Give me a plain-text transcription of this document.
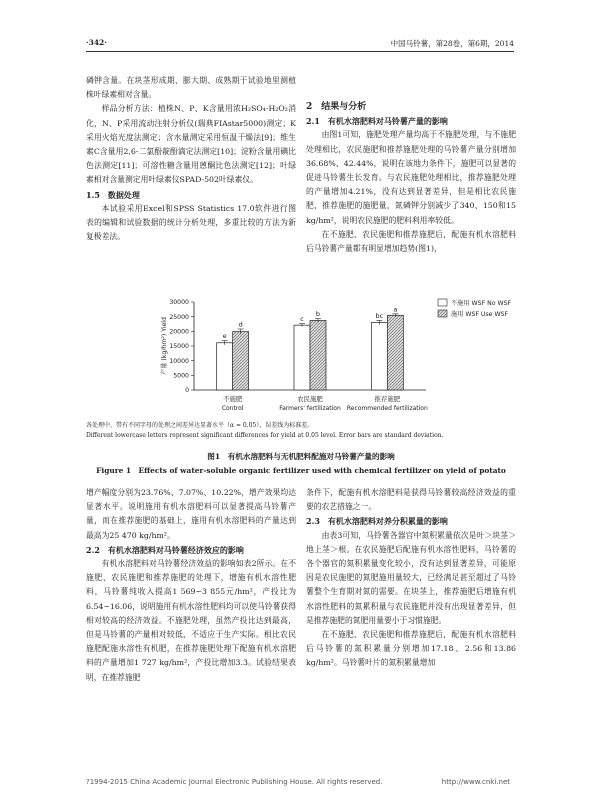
·342·	中国马铃薯，第28卷，第6期，2014

磷钾含量。在块茎形成期、膨大期、成熟期于试验地里测植株叶绿素相对含量。

样品分析方法：植株N、P、K含量用浓H₂SO₄-H₂O₂消化，N、P采用流动注射分析仪(瑞典FIAstar5000)测定；K采用火焰光度法测定；含水量测定采用恒温干燥法[9]；维生素C含量用2,6-二氯酚靛酚滴定法测定[10]；淀粉含量用碘比色法测定[11]；可溶性糖含量用蒽酮比色法测定[12]；叶绿素相对含量测定用叶绿素仪SPAD-502叶绿素仪。

1.5　数据处理

本试验采用Excel和SPSS Statistics 17.0软件进行图表的编辑和试验数据的统计分析处理，多重比较的方法为新复极差法。

2　结果与分析

2.1　有机水溶肥料对马铃薯产量的影响

由图1可知，施肥处理产量均高于不施肥处理，与不施肥处理相比，农民施肥和推荐施肥处理的马铃薯产量分别增加36.68%、42.44%，说明在该地力条件下，施肥可以显著的促进马铃薯生长发育。与农民施肥处理相比，推荐施肥处理的产量增加4.21%，没有达到显著差异，但是相比农民施肥，推荐施肥的施肥量，氮磷钾分别减少了340、150和15 kg/hm²，说明农民施肥的肥料利用率较低。

在不施肥、农民施肥和推荐施肥后，配施有机水溶肥料后马铃薯产量都有明显增加趋势(图1)，

0
5000
10000
15000
20000
25000
30000
产量 (kg/hm²) Yield	e
d
不施肥
Control
c
b
农民施肥
Farmers' fertilization
bc
a
推荐施肥
Recommended fertilization
不施用 WSF No WSF
施用 WSF Use WSF
各处理中，带有不同字母的处理之间差异达显著水平（α = 0.05），误差线为标准差。
Different lowercase letters represent significant differences for yield at 0.05 level. Error bars are standard deviation.
图1　有机水溶肥料与无机肥料配施对马铃薯产量的影响
Figure 1　Effects of water-soluble organic fertilizer used with chemical fertilizer on yield of potato

增产幅度分别为23.76%、7.07%、10.22%，增产效果均达显著水平。说明施用有机水溶肥料可以显著提高马铃薯产量，而在推荐施肥的基础上，施用有机水溶肥料的产量达到最高为25 470 kg/hm²。

2.2　有机水溶肥料对马铃薯经济效应的影响

有机水溶肥料对马铃薯经济效益的影响如表2所示。在不施肥、农民施肥和推荐施肥的处理下，增施有机水溶性肥料，马铃薯纯收入提高1 569~3 855元/hm²，产投比为6.54~16.06，说明施用有机水溶性肥料均可以使马铃薯获得相对较高的经济效益。不施肥处理，虽然产投比达到最高，但是马铃薯的产量相对较低，不适应于生产实际。相比农民施肥配施水溶性有机肥，在推荐施肥处理下配施有机水溶肥料的产量增加1 727 kg/hm²，产投比增加3.3。试验结果表明，在推荐施肥

条件下，配施有机水溶肥料是获得马铃薯较高经济效益的重要的农艺措施之一。

2.3　有机水溶肥料对养分积累量的影响

由表3可知，马铃薯各器官中氮积累量依次是叶＞块茎＞地上茎＞根。在农民施肥后配施有机水溶性肥料，马铃薯的各个器官的氮积累量变化较小，没有达到显著差异，可能原因是农民施肥的氮肥施用量较大，已经满足甚至超过了马铃薯整个生育期对氮的需要。在块茎上，推荐施肥后增施有机水溶性肥料的氮累积量与农民施肥并没有出现显著差异，但是推荐施肥的氮肥用量要小于习惯施肥。

在不施肥、农民施肥和推荐施肥后，配施有机水溶肥料后马铃薯的氮积累量分别增加17.18、2.56和13.86 kg/hm²。马铃薯叶片的氮积累量增加

?1994-2015 China Academic Journal Electronic Publishing House. All rights reserved.	http://www.cnki.net
